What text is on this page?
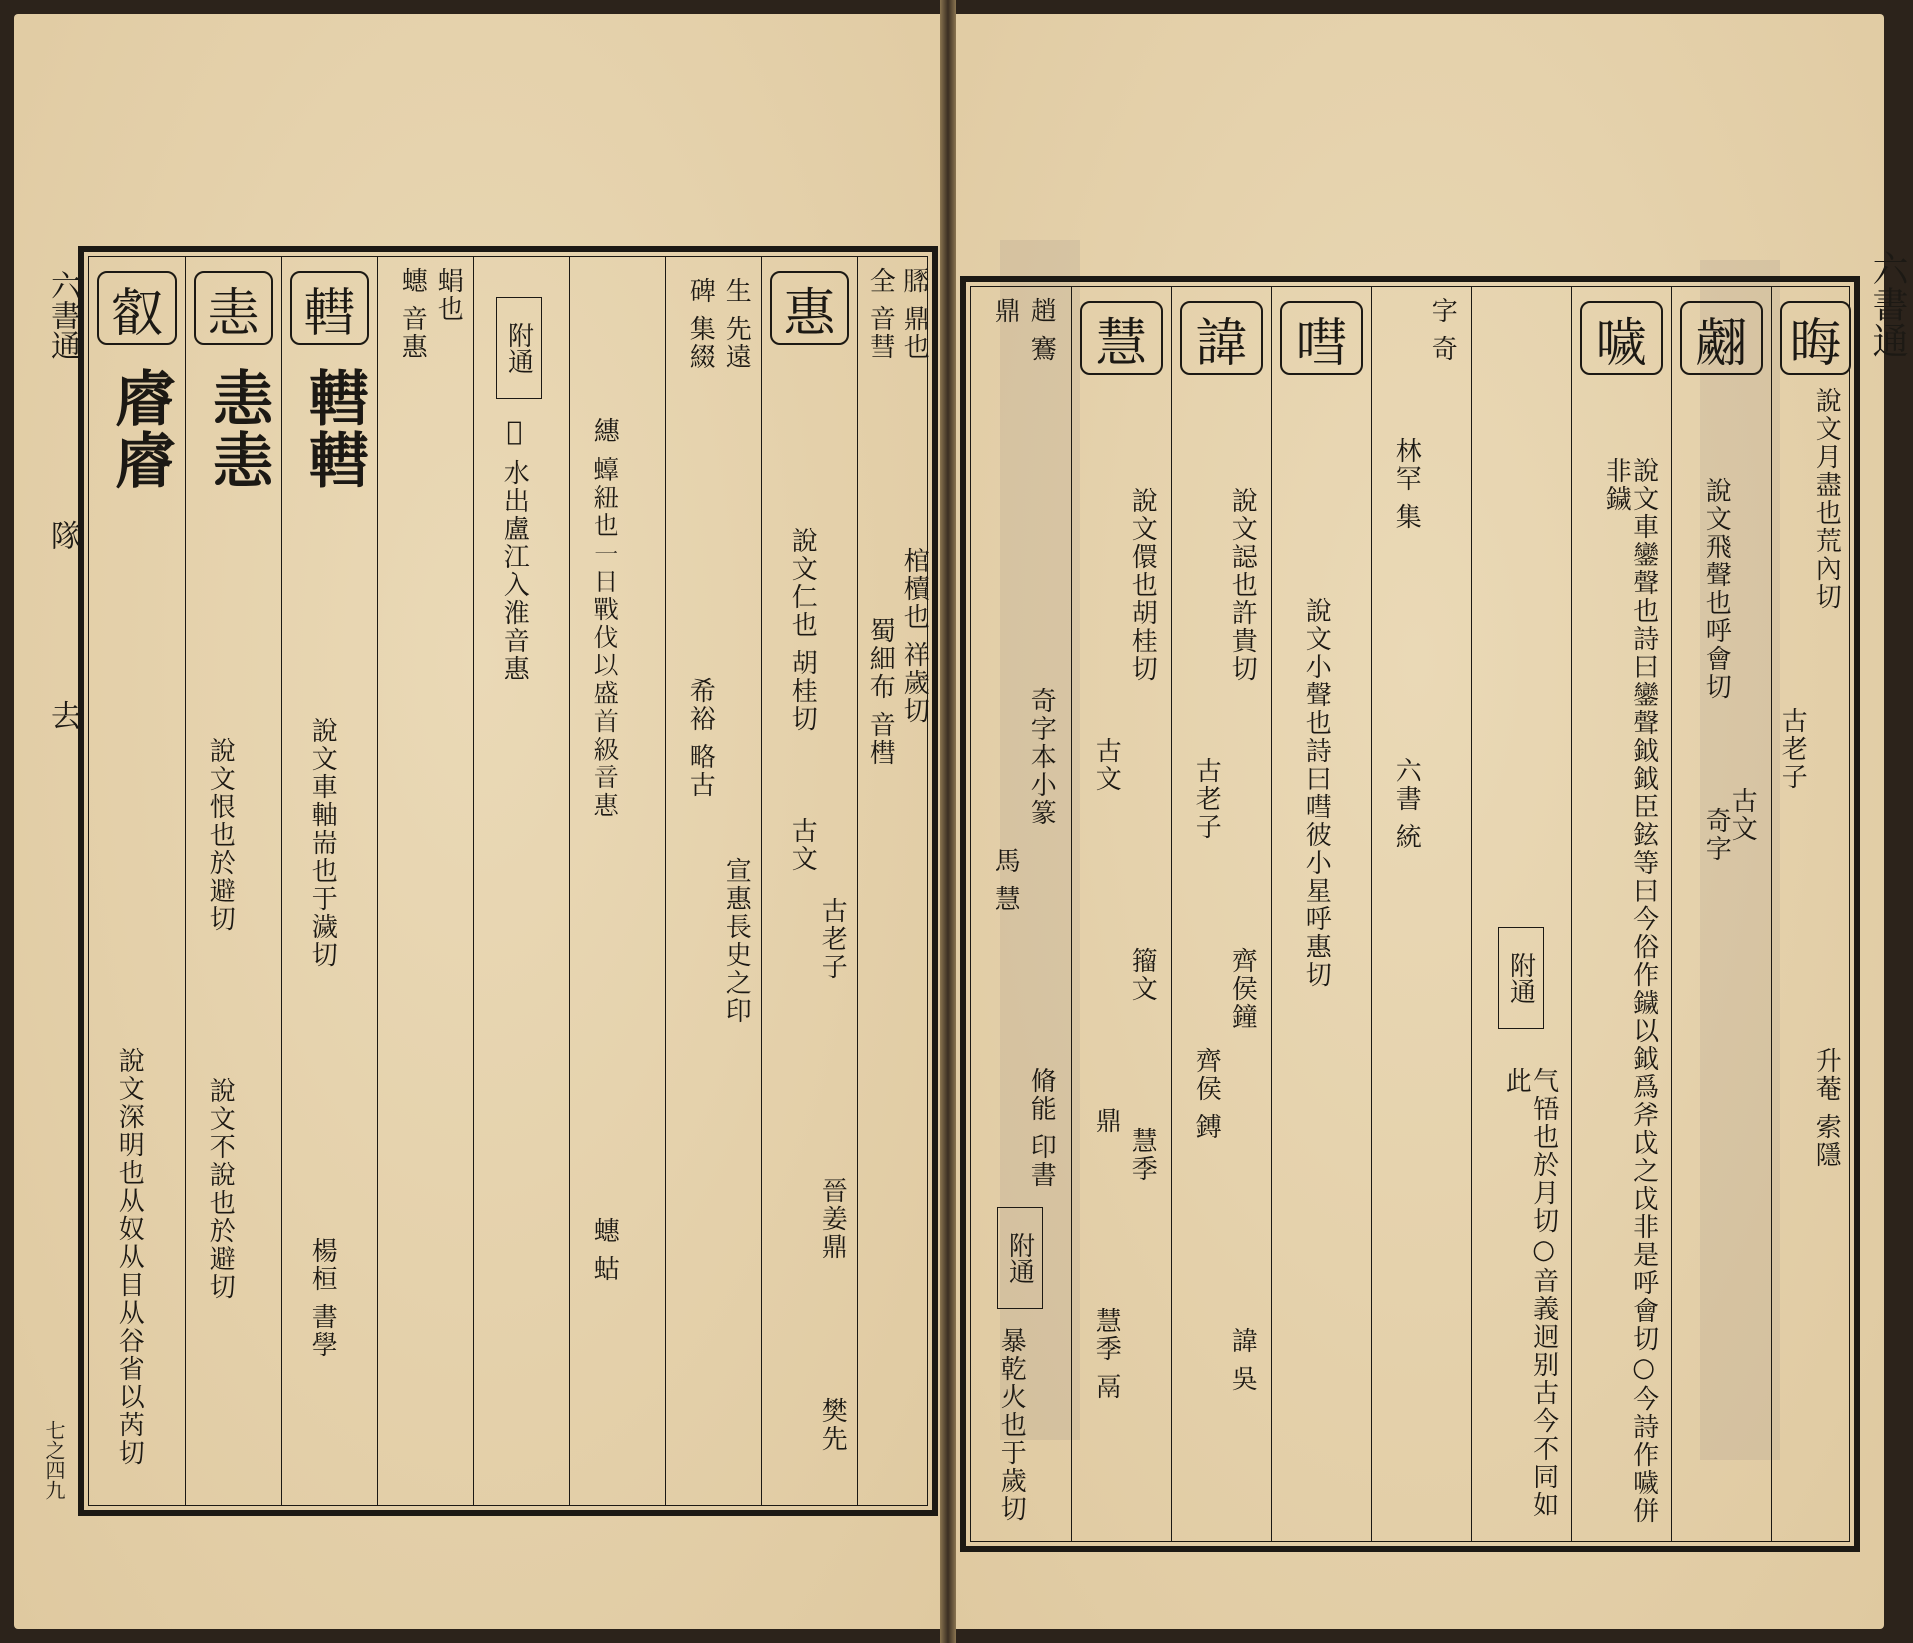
六書通
隊
去
七之四九
叡
𥈠𥈠
說文深明也从奴从目从谷省以芮切
恚
恚恚
說文恨也於避切
說文不說也於避切
轊
轊轊
說文車軸耑也于濊切
楊桓 書學
蟪 音惠 蜎也
附通
𤃐 水出盧江入淮音惠 繐 𧔫紐也一日戰伐以盛首級音惠
蟪 蛄
生 先遠
碑 集綴
希裕 略古
宣惠長史之印
惠
說文仁也 胡桂切
古文
古老子
晉姜鼎
樊先
𧱔 鼎也
全 音彗
棺櫝也 祥歲切
蜀細布 音槥
趙 鶱
鼎
奇字本小篆
馬 慧
脩能 印書
附通
暴乾火也于歲切
慧
說文儇也胡桂切
古文
籀文
鼎
慧季
慧季 鬲
諱
說文誋也許貴切
古老子
齊侯鐘
齊侯 鎛
諱 吳
嘒
說文小聲也詩曰嘒彼小星呼惠切
字 奇
林罕 集
六書 統
附通
气啎也於月切○音義迥别古今不同如此
噦
說文車鑾聲也詩曰鑾聲鉞鉞臣鉉等曰今俗作鐬以鉞爲斧戉之戉非是呼會切○今詩作噦併非鐬
翽
說文飛聲也呼會切
奇字
古文
晦
說文月盡也荒內切
古老子
升菴 索隱
六書通
